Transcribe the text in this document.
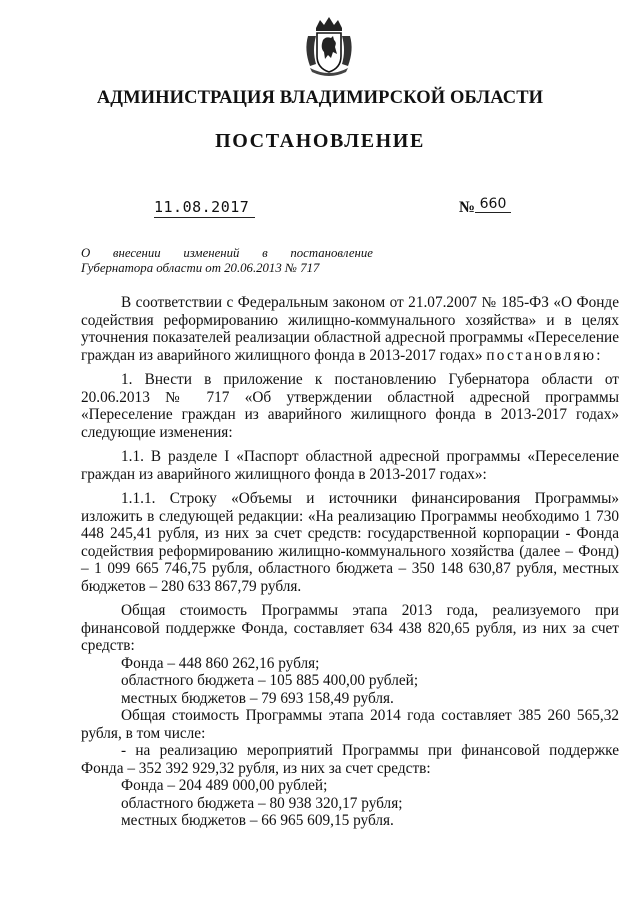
АДМИНИСТРАЦИЯ ВЛАДИМИРСКОЙ ОБЛАСТИ
ПОСТАНОВЛЕНИЕ
11.08.2017	№ 660
О внесении изменений в постановление
Губернатора области от 20.06.2013 № 717

В соответствии с Федеральным законом от 21.07.2007 № 185-ФЗ «О Фонде содействия реформированию жилищно-коммунального хозяйства» и в целях уточнения показателей реализации областной адресной программы «Переселение граждан из аварийного жилищного фонда в 2013-2017 годах» постановляю:

1. Внести в приложение к постановлению Губернатора области от 20.06.2013 № 717 «Об утверждении областной адресной программы «Переселение граждан из аварийного жилищного фонда в 2013-2017 годах» следующие изменения:

1.1. В разделе I «Паспорт областной адресной программы «Переселение граждан из аварийного жилищного фонда в 2013-2017 годах»:

1.1.1. Строку «Объемы и источники финансирования Программы» изложить в следующей редакции: «На реализацию Программы необходимо 1 730 448 245,41 рубля, из них за счет средств: государственной корпорации - Фонда содействия реформированию жилищно-коммунального хозяйства (далее – Фонд) – 1 099 665 746,75 рубля, областного бюджета – 350 148 630,87 рубля, местных бюджетов – 280 633 867,79 рубля.

Общая стоимость Программы этапа 2013 года, реализуемого при финансовой поддержке Фонда, составляет 634 438 820,65 рубля, из них за счет средств:

Фонда – 448 860 262,16 рубля;
областного бюджета – 105 885 400,00 рублей;
местных бюджетов – 79 693 158,49 рубля.

Общая стоимость Программы этапа 2014 года составляет 385 260 565,32 рубля, в том числе:

- на реализацию мероприятий Программы при финансовой поддержке Фонда – 352 392 929,32 рубля, из них за счет средств:

Фонда – 204 489 000,00 рублей;
областного бюджета – 80 938 320,17 рубля;
местных бюджетов – 66 965 609,15 рубля.
